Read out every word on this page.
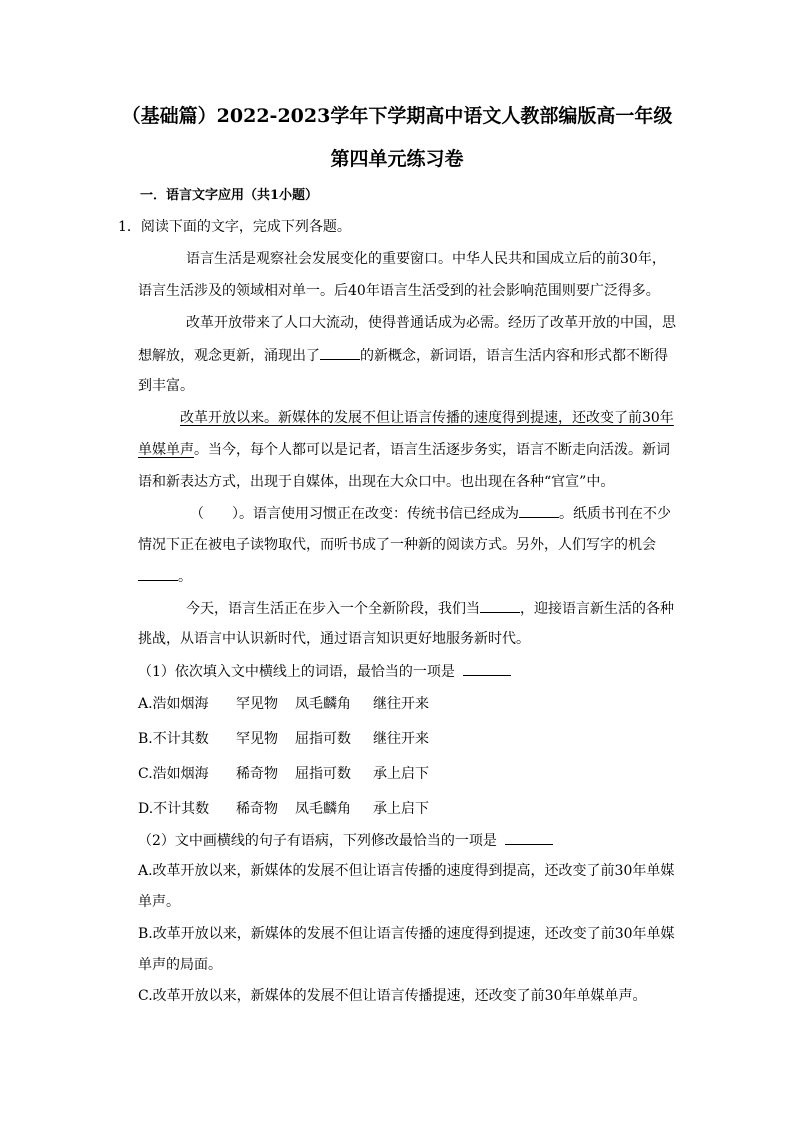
（基础篇）2022-2023学年下学期高中语文人教部编版高一年级
第四单元练习卷
一．语言文字应用（共1小题）
1．阅读下面的文字，完成下列各题。
语言生活是观察社会发展变化的重要窗口。中华人民共和国成立后的前30年，
语言生活涉及的领域相对单一。后40年语言生活受到的社会影响范围则要广泛得多。
改革开放带来了人口大流动，使得普通话成为必需。经历了改革开放的中国，思
想解放，观念更新，涌现出了	的新概念，新词语，语言生活内容和形式都不断得
到丰富。
改革开放以来。新媒体的发展不但让语言传播的速度得到提速，还改变了前30年
单媒单声。当今，每个人都可以是记者，语言生活逐步务实，语言不断走向活泼。新词
语和新表达方式，出现于自媒体，出现在大众口中。也出现在各种“官宣”中。
（　　）。语言使用习惯正在改变：传统书信已经成为	。纸质书刊在不少
情况下正在被电子读物取代，而听书成了一种新的阅读方式。另外，人们写字的机会
。
今天，语言生活正在步入一个全新阶段，我们当	，迎接语言新生活的各种
挑战，从语言中认识新时代，通过语言知识更好地服务新时代。
（1）依次填入文中横线上的词语，最恰当的一项是
A.浩如烟海 罕见物 凤毛麟角 继往开来
B.不计其数 罕见物 屈指可数 继往开来
C.浩如烟海 稀奇物 屈指可数 承上启下
D.不计其数 稀奇物 凤毛麟角 承上启下
（2）文中画横线的句子有语病，下列修改最恰当的一项是
A.改革开放以来，新媒体的发展不但让语言传播的速度得到提高，还改变了前30年单媒
单声。
B.改革开放以来，新媒体的发展不但让语言传播的速度得到提速，还改变了前30年单媒
单声的局面。
C.改革开放以来，新媒体的发展不但让语言传播提速，还改变了前30年单媒单声。
